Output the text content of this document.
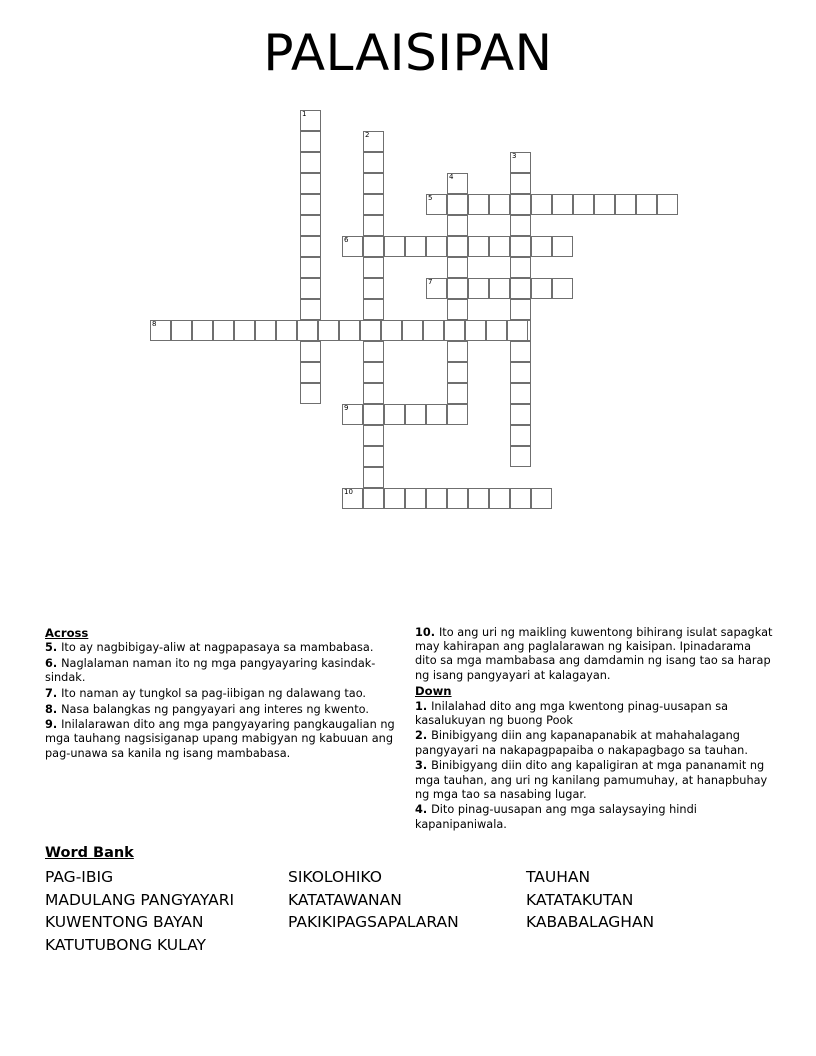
PALAISIPAN
1
2
3
4
5
6
7
8
9
10
Across
5. Ito ay nagbibigay-aliw at nagpapasaya sa mambabasa.
6. Naglalaman naman ito ng mga pangyayaring kasindak-sindak.
7. Ito naman ay tungkol sa pag-iibigan ng dalawang tao.
8. Nasa balangkas ng pangyayari ang interes ng kwento.
9. Inilalarawan dito ang mga pangyayaring pangkaugalian ng mga tauhang nagsisiganap upang mabigyan ng kabuuan ang pag-unawa sa kanila ng isang mambabasa.
10. Ito ang uri ng maikling kuwentong bihirang isulat sapagkat may kahirapan ang paglalarawan ng kaisipan. Ipinadarama dito sa mga mambabasa ang damdamin ng isang tao sa harap ng isang pangyayari at kalagayan.
Down
1. Inilalahad dito ang mga kwentong pinag-uusapan sa kasalukuyan ng buong Pook
2. Binibigyang diin ang kapanapanabik at mahahalagang pangyayari na nakapagpapaiba o nakapagbago sa tauhan.
3. Binibigyang diin dito ang kapaligiran at mga pananamit ng mga tauhan, ang uri ng kanilang pamumuhay, at hanapbuhay ng mga tao sa nasabing lugar.
4. Dito pinag-uusapan ang mga salaysaying hindi kapanipaniwala.
Word Bank
PAG-IBIG
MADULANG PANGYAYARI
KUWENTONG BAYAN
KATUTUBONG KULAY
SIKOLOHIKO
KATATAWANAN
PAKIKIPAGSAPALARAN
TAUHAN
KATATAKUTAN
KABABALAGHAN
